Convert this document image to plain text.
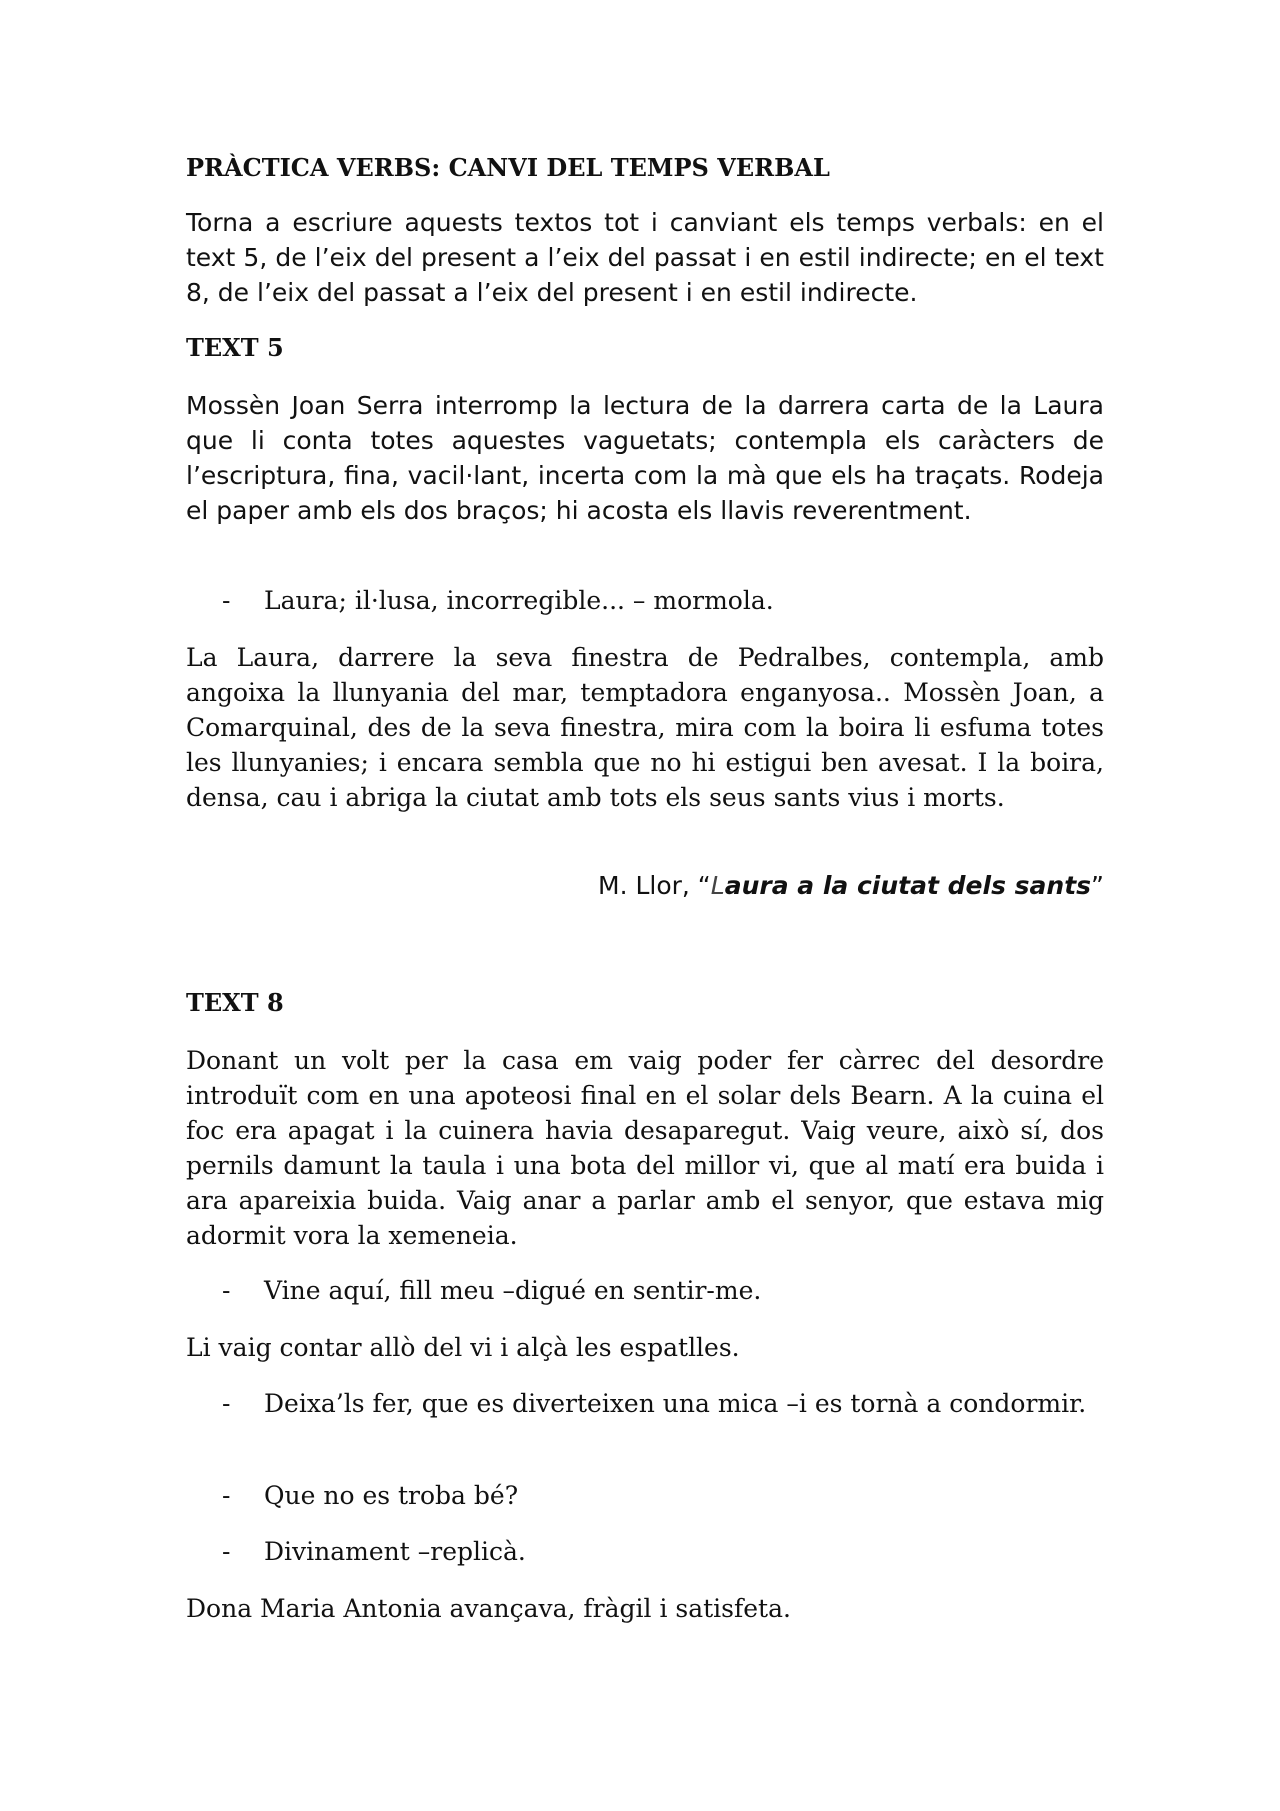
PRÀCTICA VERBS: CANVI DEL TEMPS VERBAL

Torna a escriure aquests textos tot i canviant els temps verbals: en el text 5, de l’eix del present a l’eix del passat i en estil indirecte; en el text 8, de l’eix del passat a l’eix del present i en estil indirecte.

TEXT 5

Mossèn Joan Serra interromp la lectura de la darrera carta de la Laura que li conta totes aquestes vaguetats; contempla els caràcters de l’escriptura, fina, vacil·lant, incerta com la mà que els ha traçats. Rodeja el paper amb els dos braços; hi acosta els llavis reverentment.

- Laura; il·lusa, incorregible... – mormola.

La Laura, darrere la seva finestra de Pedralbes, contempla, amb angoixa la llunyania del mar, temptadora enganyosa.. Mossèn Joan, a Comarquinal, des de la seva finestra, mira com la boira li esfuma totes les llunyanies; i encara sembla que no hi estigui ben avesat. I la boira, densa, cau i abriga la ciutat amb tots els seus sants vius i morts.

M. Llor, “Laura a la ciutat dels sants”

TEXT 8

Donant un volt per la casa em vaig poder fer càrrec del desordre introduït com en una apoteosi final en el solar dels Bearn. A la cuina el foc era apagat i la cuinera havia desaparegut. Vaig veure, això sí, dos pernils damunt la taula i una bota del millor vi, que al matí era buida i ara apareixia buida. Vaig anar a parlar amb el senyor, que estava mig adormit vora la xemeneia.

- Vine aquí, fill meu –digué en sentir-me.

Li vaig contar allò del vi i alçà les espatlles.

- Deixa’ls fer, que es diverteixen una mica –i es tornà a condormir.
- Que no es troba bé?
- Divinament –replicà.

Dona Maria Antonia avançava, fràgil i satisfeta.
